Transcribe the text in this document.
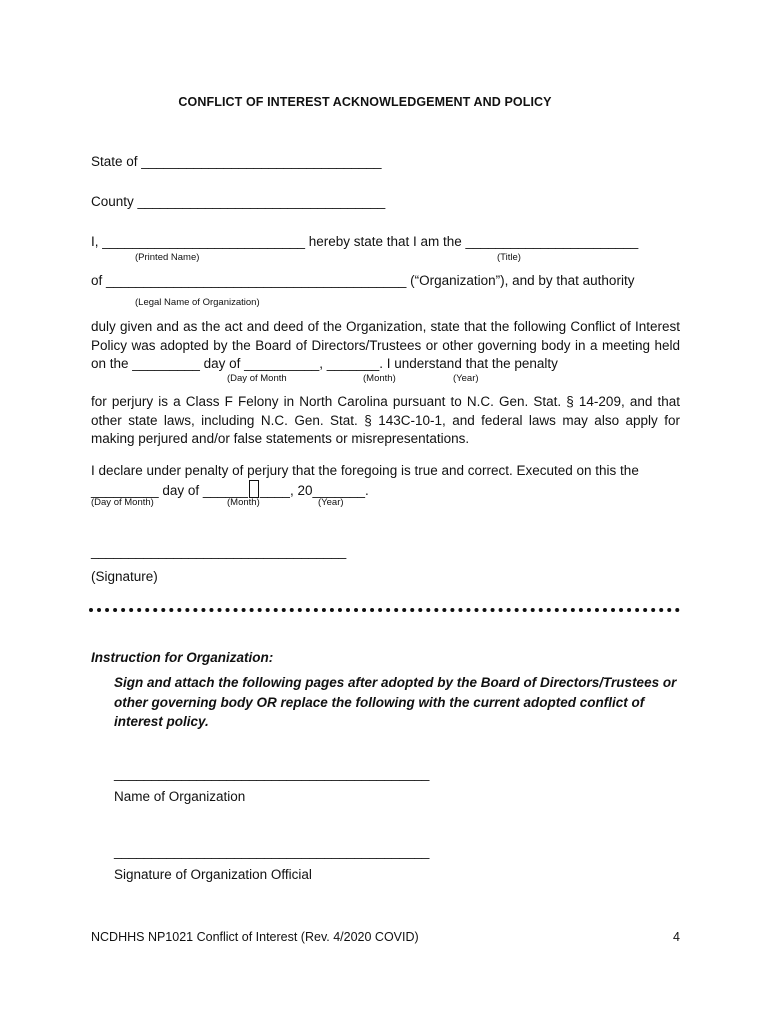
CONFLICT OF INTEREST ACKNOWLEDGEMENT AND POLICY
State of ________________________________
County _________________________________
I, ___________________________ hereby state that I am the _______________________
(Printed Name)	(Title)
of ________________________________________ (“Organization”), and by that authority
(Legal Name of Organization)
duly given and as the act and deed of the Organization, state that the following Conflict of Interest Policy was adopted by the Board of Directors/Trustees or other governing body in a meeting held on the _________ day of __________, _______. I understand that the penalty
(Day of Month	(Month)	(Year)
for perjury is a Class F Felony in North Carolina pursuant to N.C. Gen. Stat. § 14-209, and that other state laws, including N.C. Gen. Stat. § 143C-10-1, and federal laws may also apply for making perjured and/or false statements or misrepresentations.
I declare under penalty of perjury that the foregoing is true and correct. Executed on this the
_________ day of ______ ____, 20_______.
(Day of Month)	(Month)	(Year)
__________________________________
(Signature)
Instruction for Organization:
Sign and attach the following pages after adopted by the Board of Directors/Trustees or other governing body OR replace the following with the current adopted conflict of interest policy.
__________________________________________
Name of Organization
__________________________________________
Signature of Organization Official
NCDHHS NP1021 Conflict of Interest (Rev. 4/2020 COVID)	4
